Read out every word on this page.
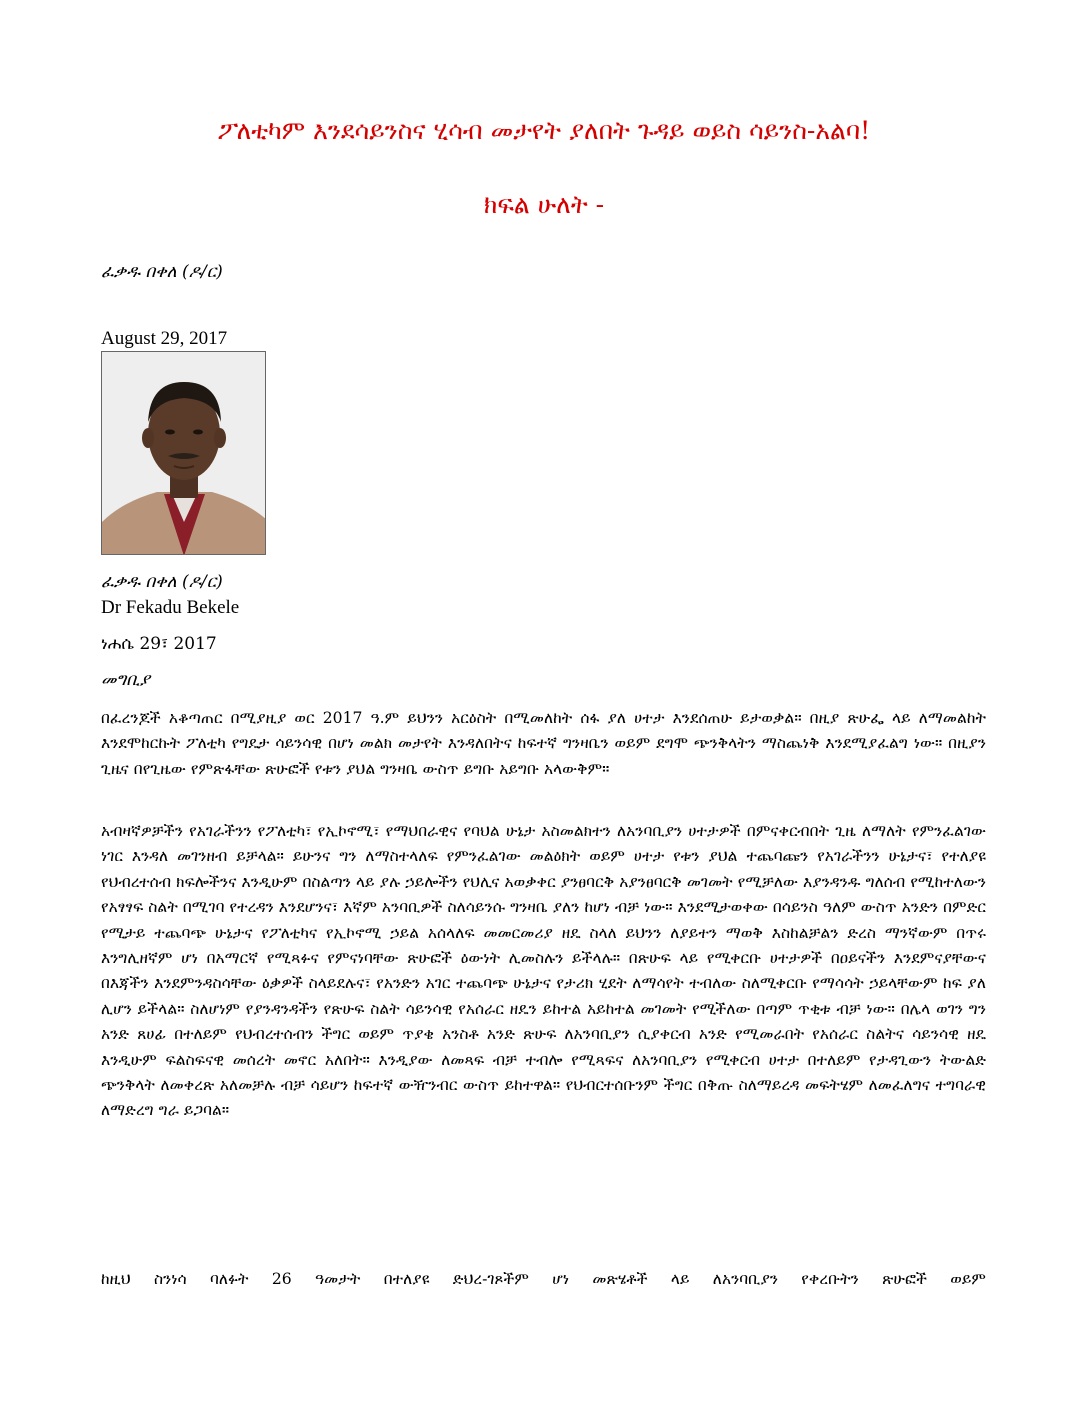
ፖለቲካም እንደሳይንስና ሂሳብ መታየት ያለበት ጉዳይ ወይስ ሳይንስ-አልባ!
ክፍል ሁለት -
ፈቃዱ በቀለ (ዶ/ር)
August 29, 2017
ፈቃዱ በቀለ (ዶ/ር)
Dr Fekadu Bekele
ነሐሴ 29፣ 2017
መግቢያ

በፈረንጆች አቆጣጠር በሚያዚያ ወር 2017 ዓ.ም ይህንን አርዕስት በሚመለከት ሰፋ ያለ ሀተታ እንደሰጠሁ ይታወቃል። በዚያ ጽሁፌ ላይ ለማመልከት እንደሞከርኩት ፖለቲካ የግዴታ ሳይንሳዊ በሆነ መልክ መታየት እንዳለበትና ከፍተኛ ግንዛቤን ወይም ደግሞ ጭንቅላትን ማስጨነቅ እንደሚያፈልግ ነው። በዚያን ጊዜና በየጊዜው የምጽፋቸው ጽሁፎች የቱን ያህል ግንዛቤ ውስጥ ይግቡ አይግቡ አላውቅም።

አብዛኛዎቻችን የአገራችንን የፖለቲካ፣ የኢኮኖሚ፣ የማህበራዊና የባህል ሁኔታ አስመልክተን ለአንባቢያን ሀተታዎች በምናቀርብበት ጊዜ ለማለት የምንፈልገው ነገር እንዳለ መገንዘብ ይቻላል። ይሁንና ግን ለማስተላለፍ የምንፈልገው መልዕክት ወይም ሀተታ የቱን ያህል ተጨባጩን የአገራችንን ሁኔታና፣ የተለያዩ የህብረተሰብ ክፍሎችንና እንዲሁም በስልጣን ላይ ያሉ ኃይሎችን የህሊና አወቃቀር ያንፀባርቅ አያንፀባርቅ መገመት የሚቻለው እያንዳንዱ ግለሰብ የሚከተለውን የአፃፃፍ ስልት በሚገባ የተረዳን እንደሆንና፣ እኛም አንባቢዎች ስለሳይንሱ ግንዛቤ ያለን ከሆነ ብቻ ነው። እንደሚታወቀው በሳይንስ ዓለም ውስጥ አንድን በምድር የሚታይ ተጨባጭ ሁኔታና የፖለቲካና የኢኮኖሚ ኃይል አሰላለፍ መመርመሪያ ዘዴ ስላለ ይህንን ለያይተን ማወቅ እስከልቻልን ድረስ ማንኛውም በጥሩ እንግሊዘኛም ሆነ በአማርኛ የሚጻፉና የምናነባቸው ጽሁፎች ዕውነት ሊመስሉን ይችላሉ። በጽሁፍ ላይ የሚቀርቡ ሀተታዎች በዐይናችን እንደምናያቸውና በእጃችን እንደምንዳስሳቸው ዕቃዎች ስላይደሉና፣ የአንድን አገር ተጨባጭ ሁኔታና የታሪክ ሂደት ለማሳየት ተብለው ስለሚቀርቡ የማሳሳት ኃይላቸውም ከፍ ያለ ሊሆን ይችላል። ስለሆነም የያንዳንዳችን የጽሁፍ ስልት ሳይንሳዊ የአሰራር ዘዴን ይከተል አይከተል መገመት የሚችለው በጣም ጥቂቱ ብቻ ነው። በሌላ ወገን ግን አንድ ጸሀፊ በተለይም የህብረተሰብን ችግር ወይም ጥያቄ አንስቶ አንድ ጽሁፍ ለአንባቢያን ሲያቀርብ አንድ የሚመራበት የአሰራር ስልትና ሳይንሳዊ ዘዴ እንዲሁም ፍልስፍናዊ መሰረት መኖር አለበት። እንዲያው ለመጻፍ ብቻ ተብሎ የሚጻፍና ለአንባቢያን የሚቀርብ ሀተታ በተለይም የታዳጊውን ትውልድ ጭንቅላት ለመቀረጽ አለመቻሉ ብቻ ሳይሆን ከፍተኛ ውዥንብር ውስጥ ይከተዋል። የህብርተሰቡንም ችግር በቅጡ ስለማይረዳ መፍትሄም ለመፈለግና ተግባራዊ ለማድረግ ግራ ይጋባል።

ከዚህ ስንነሳ ባለፉት 26 ዓመታት በተለያዩ ድህረ-ገጾችም ሆነ መጽሄቶች ላይ ለአንባቢያን የቀረቡትን ጽሁፎች ወይም
